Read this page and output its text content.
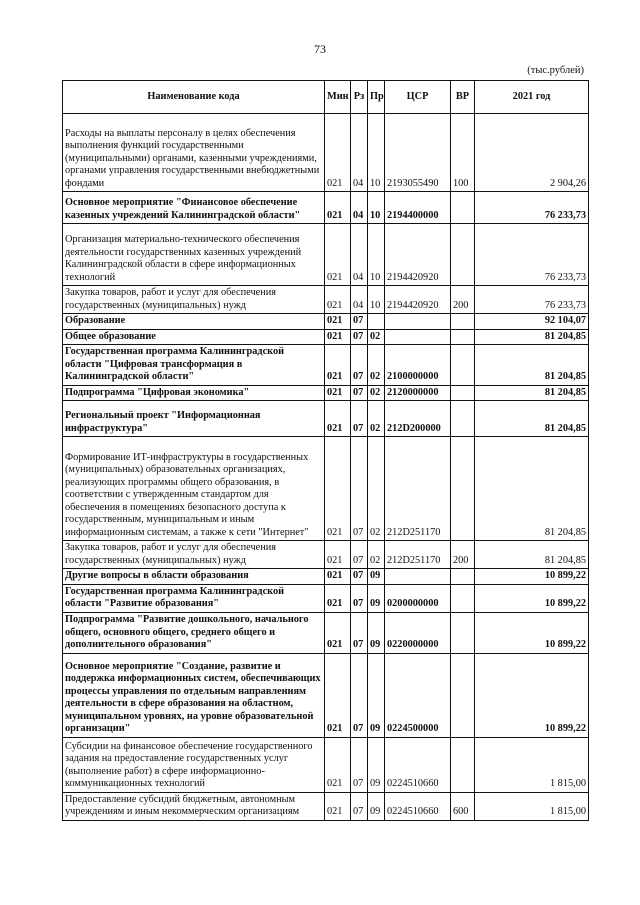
73
(тыс.рублей)
Наименование кода	Мин	Рз	Пр	ЦСР	ВР	2021 год
Расходы на выплаты персоналу в целях обеспечения выполнения функций государственными (муниципальными) органами, казенными учреждениями, органами управления государственными внебюджетными фондами	021	04	10	2193055490	100	2 904,26
Основное мероприятие "Финансовое обеспечение казенных учреждений Калининградской области"	021	04	10	2194400000		76 233,73
Организация материально-технического обеспечения деятельности государственных казенных учреждений Калининградской области в сфере информационных технологий	021	04	10	2194420920		76 233,73
Закупка товаров, работ и услуг для обеспечения государственных (муниципальных) нужд	021	04	10	2194420920	200	76 233,73
Образование	021	07				92 104,07
Общее образование	021	07	02			81 204,85
Государственная программа Калининградской области "Цифровая трансформация в Калининградской области"	021	07	02	2100000000		81 204,85
Подпрограмма "Цифровая экономика"	021	07	02	2120000000		81 204,85
Региональный проект "Информационная инфраструктура"	021	07	02	212D200000		81 204,85
Формирование ИТ-инфраструктуры в государственных (муниципальных) образовательных организациях, реализующих программы общего образования, в соответствии с утвержденным стандартом для обеспечения в помещениях безопасного доступа к государственным, муниципальным и иным информационным системам, а также к сети "Интернет"	021	07	02	212D251170		81 204,85
Закупка товаров, работ и услуг для обеспечения государственных (муниципальных) нужд	021	07	02	212D251170	200	81 204,85
Другие вопросы в области образования	021	07	09			10 899,22
Государственная программа Калининградской области "Развитие образования"	021	07	09	0200000000		10 899,22
Подпрограмма "Развитие дошкольного, начального общего, основного общего, среднего общего и дополнительного образования"	021	07	09	0220000000		10 899,22
Основное мероприятие "Создание, развитие и поддержка информационных систем, обеспечивающих процессы управления по отдельным направлениям деятельности в сфере образования на областном, муниципальном уровнях, на уровне образовательной организации"	021	07	09	0224500000		10 899,22
Субсидии на финансовое обеспечение государственного задания на предоставление государственных услуг (выполнение работ) в сфере информационно-коммуникационных технологий	021	07	09	0224510660		1 815,00
Предоставление субсидий бюджетным, автономным учреждениям и иным некоммерческим организациям	021	07	09	0224510660	600	1 815,00
